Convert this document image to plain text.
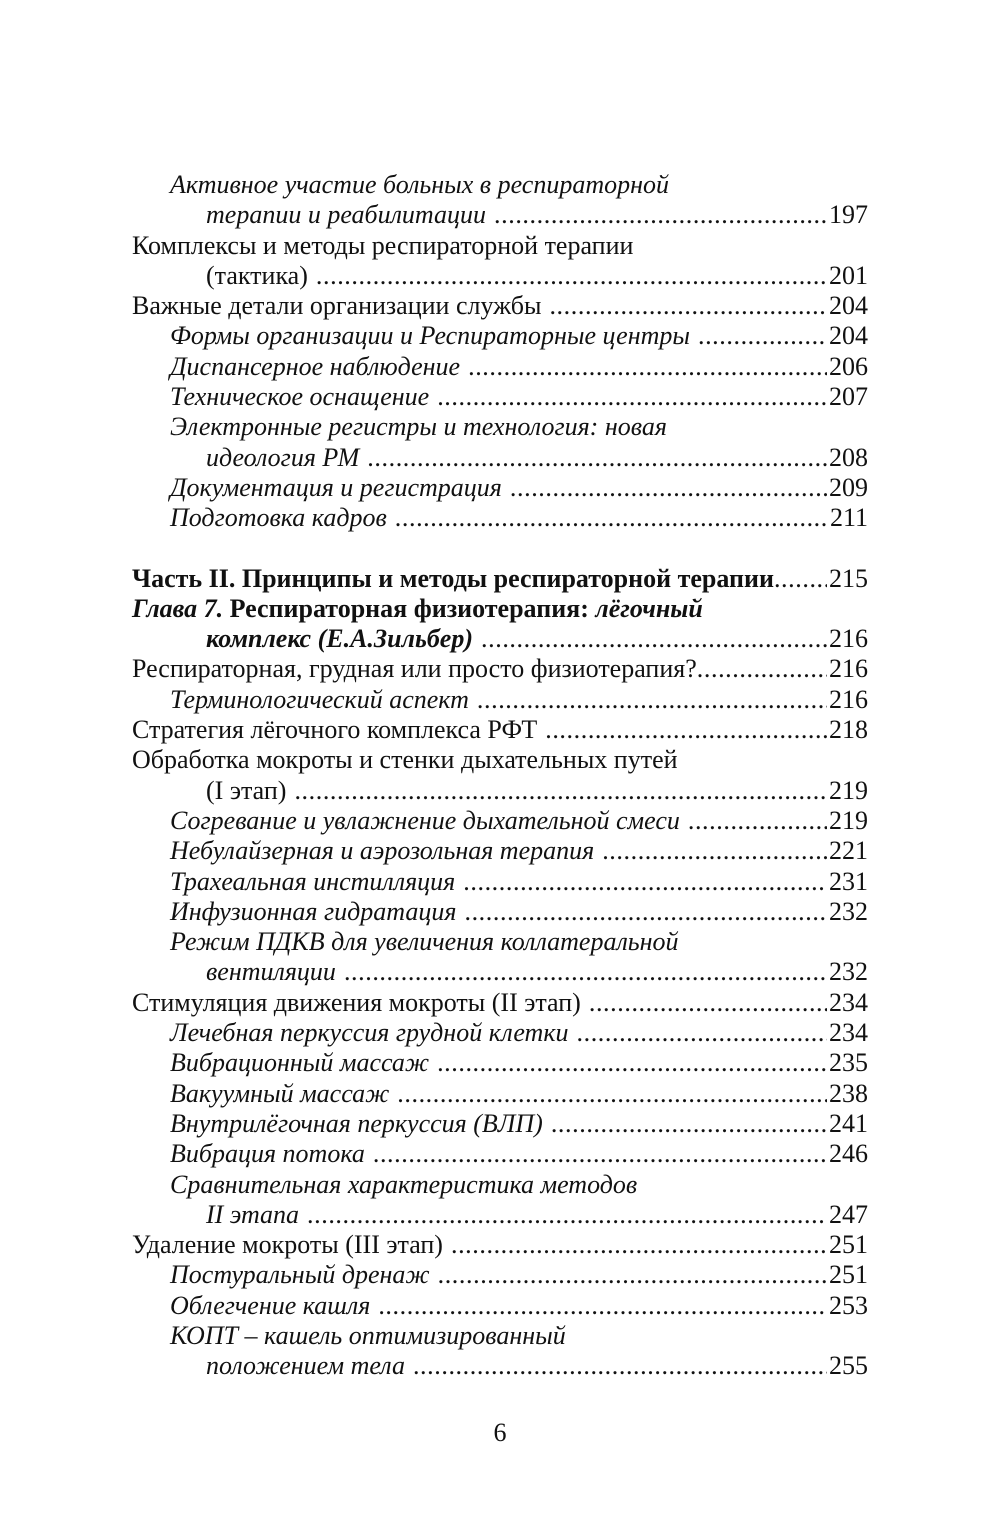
Активное участие больных в респираторной
терапии и реабилитации .....	197
Комплексы и методы респираторной терапии
(тактика) .....	201
Важные детали организации службы .....	204
Формы организации и Респираторные центры .....	204
Диспансерное наблюдение .....	206
Техническое оснащение .....	207
Электронные регистры и технология: новая
идеология РМ .....	208
Документация и регистрация .....	209
Подготовка кадров .....	211
Часть II. Принципы и методы респираторной терапии ..... 215
Глава 7. Респираторная физиотерапия: лёгочный
комплекс (Е.А.Зильбер) .....	216
Респираторная, грудная или просто физиотерапия? .....	216
Терминологический аспект .....	216
Стратегия лёгочного комплекса РФТ .....	218
Обработка мокроты и стенки дыхательных путей
(I этап) .....	219
Согревание и увлажнение дыхательной смеси .....	219
Небулайзерная и аэрозольная терапия .....	221
Трахеальная инстилляция .....	231
Инфузионная гидратация .....	232
Режим ПДКВ для увеличения коллатеральной
вентиляции .....	232
Стимуляция движения мокроты (II этап) .....	234
Лечебная перкуссия грудной клетки .....	234
Вибрационный массаж .....	235
Вакуумный массаж .....	238
Внутрилёгочная перкуссия (ВЛП) .....	241
Вибрация потока .....	246
Сравнительная характеристика методов
II этапа .....	247
Удаление мокроты (III этап) .....	251
Постуральный дренаж .....	251
Облегчение кашля .....	253
КОПТ – кашель оптимизированный
положением тела .....	255
6
